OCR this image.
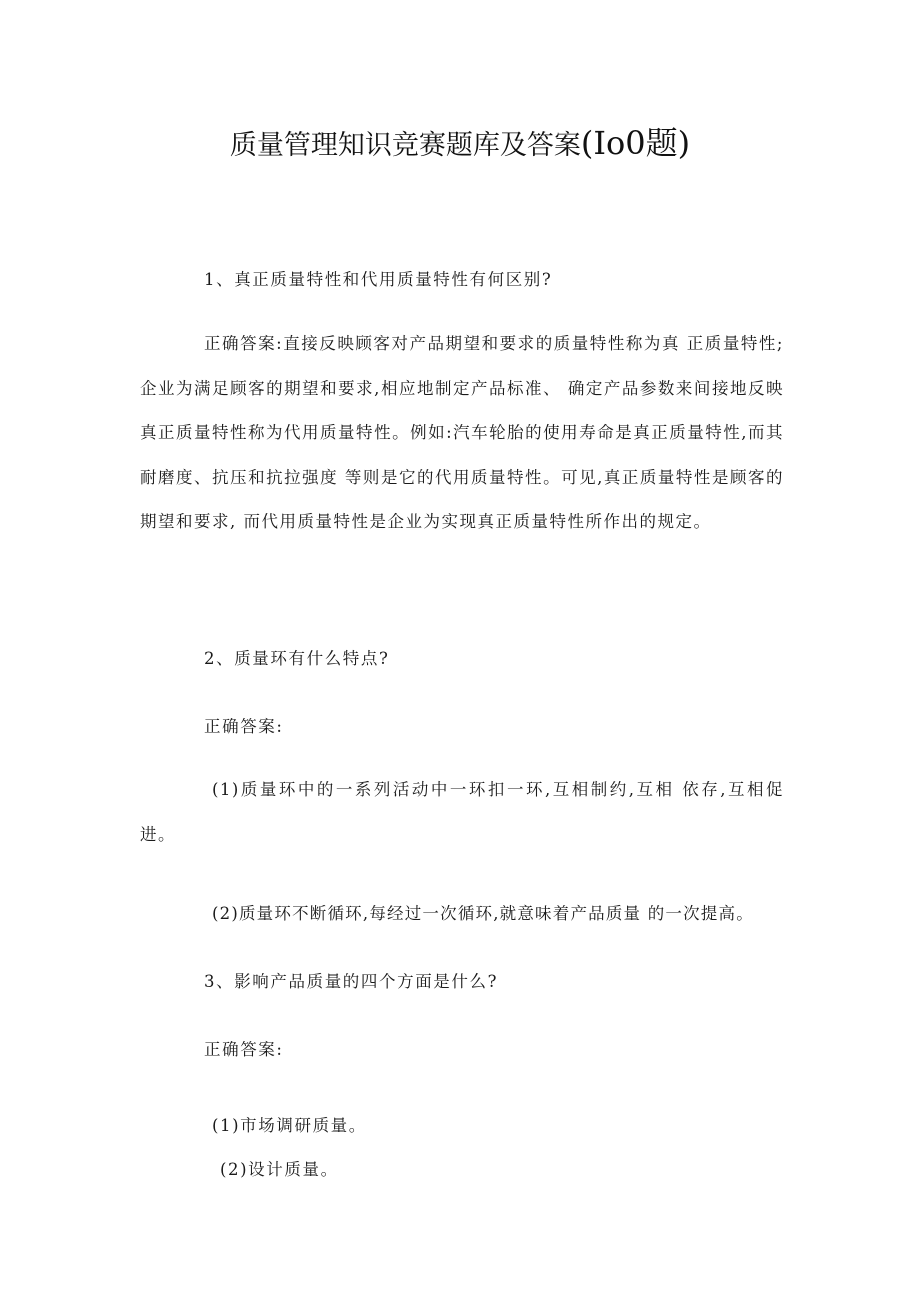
质量管理知识竞赛题库及答案(Io0题)
1、真正质量特性和代用质量特性有何区别?
正确答案:直接反映顾客对产品期望和要求的质量特性称为真 正质量特性;企业为满足顾客的期望和要求,相应地制定产品标准、 确定产品参数来间接地反映真正质量特性称为代用质量特性。例如:汽车轮胎的使用寿命是真正质量特性,而其耐磨度、抗压和抗拉强度 等则是它的代用质量特性。可见,真正质量特性是顾客的期望和要求, 而代用质量特性是企业为实现真正质量特性所作出的规定。
2、质量环有什么特点?
正确答案:
(1)质量环中的一系列活动中一环扣一环,互相制约,互相 依存,互相促进。
(2)质量环不断循环,每经过一次循环,就意味着产品质量 的一次提高。
3、影响产品质量的四个方面是什么?
正确答案:
(1)市场调研质量。
(2)设计质量。
